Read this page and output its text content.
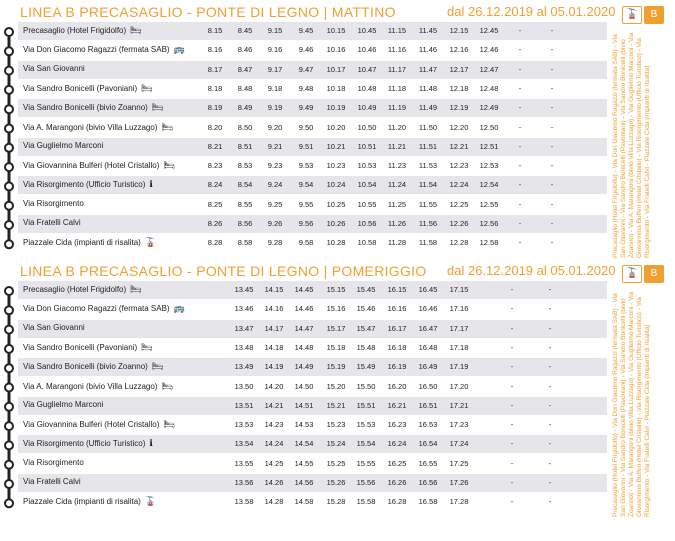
LINEA B PRECASAGLIO - PONTE DI LEGNO | MATTINO	dal 26.12.2019 al 05.01.2020	🚡	B
Precasaglio (Hotel Frigidolfo) - Via Don Giacomo Ragazzi (fermata SAB) - Via San Giovanni - Via Sandro Bonicelli (Pavoniani) - Via Sandro Bonicelli (bivio Zoanno) - Via A. Marangoni (bivio Villa Luzzago) - Via Guglielmo Marconi - Via Giovannina Bulferi (Hotel Cristallo) - Via Risorgimento (Ufficio Turistico) - Via Risorgimento - Via Fratelli Calvi - Piazzale Cida (impianti di risalita)
Precasaglio (Hotel Frigidolfo) 🛏	8.15	8.45	9.15	9.45	10.15	10.45	11.15	11.45	12.15	12.45	-	-
Via Don Giacomo Ragazzi (fermata SAB) 🚌	8.16	8.46	9.16	9.46	10.16	10.46	11.16	11.46	12.16	12.46	-	-
Via San Giovanni	8.17	8.47	9.17	9.47	10.17	10.47	11.17	11.47	12.17	12.47	-	-
Via Sandro Bonicelli (Pavoniani) 🛏	8.18	8.48	9.18	9.48	10.18	10.48	11.18	11.48	12.18	12.48	-	-
Via Sandro Bonicelli (bivio Zoanno) 🛏	8.19	8.49	9.19	9.49	10.19	10.49	11.19	11.49	12.19	12.49	-	-
Via A. Marangoni (bivio Villa Luzzago) 🛏	8.20	8.50	9.20	9.50	10.20	10.50	11.20	11.50	12.20	12.50	-	-
Via Guglielmo Marconi	8.21	8.51	9.21	9.51	10.21	10.51	11.21	11.51	12.21	12.51	-	-
Via Giovannina Bulferi (Hotel Cristallo) 🛏	8.23	8.53	9.23	9.53	10.23	10.53	11.23	11.53	12.23	12.53	-	-
Via Risorgimento (Ufficio Turistico) ℹ	8.24	8.54	9.24	9.54	10.24	10.54	11.24	11.54	12.24	12.54	-	-
Via Risorgimento	8.25	8.55	9.25	9.55	10.25	10.55	11.25	11.55	12.25	12.55	-	-
Via Fratelli Calvi	8.26	8.56	9.26	9.56	10.26	10.56	11.26	11.56	12.26	12.56	-	-
Piazzale Cida (impianti di risalita) 🚡	8.28	8.58	9.28	9.58	10.28	10.58	11.28	11.58	12.28	12.58	-	-
LINEA B PRECASAGLIO - PONTE DI LEGNO | POMERIGGIO dal 26.12.2019 al 05.01.2020	🚡	B
Precasaglio (Hotel Frigidolfo) - Via Don Giacomo Ragazzi (fermata SAB) - Via San Giovanni - Via Sandro Bonicelli (Pavoniani) - Via Sandro Bonicelli (bivio Zoanno) - Via A. Marangoni (bivio Villa Luzzago) - Via Guglielmo Marconi - Via Giovannina Bulferi (Hotel Cristallo) - Via Risorgimento (Ufficio Turistico) - Via Risorgimento - Via Fratelli Calvi - Piazzale Cida (impianti di risalita)
Precasaglio (Hotel Frigidolfo) 🛏	13.45	14.15	14.45	15.15	15.45	16.15	16.45	17.15	-	-
Via Don Giacomo Ragazzi (fermata SAB) 🚌	13.46	14.16	14.46	15.16	15.46	16.16	16.46	17.16	-	-
Via San Giovanni	13.47	14.17	14.47	15.17	15.47	16.17	16.47	17.17	-	-
Via Sandro Bonicelli (Pavoniani) 🛏	13.48	14.18	14.48	15.18	15.48	16.18	16.48	17.18	-	-
Via Sandro Bonicelli (bivio Zoanno) 🛏	13.49	14.19	14.49	15.19	15.49	16.19	16.49	17.19	-	-
Via A. Marangoni (bivio Villa Luzzago) 🛏	13.50	14.20	14.50	15.20	15.50	16.20	16.50	17.20	-	-
Via Guglielmo Marconi	13.51	14.21	14.51	15.21	15.51	16.21	16.51	17.21	-	-
Via Giovannina Bulferi (Hotel Cristallo) 🛏	13.53	14.23	14.53	15.23	15.53	16.23	16.53	17.23	-	-
Via Risorgimento (Ufficio Turistico) ℹ	13.54	14.24	14.54	15.24	15.54	16.24	16.54	17.24	-	-
Via Risorgimento	13.55	14.25	14.55	15.25	15.55	16.25	16.55	17.25	-	-
Via Fratelli Calvi	13.56	14.26	14.56	15.26	15.56	16.26	16.56	17.26	-	-
Piazzale Cida (impianti di risalita) 🚡	13.58	14.28	14.58	15.28	15.58	16.28	16.58	17.28	-	-
